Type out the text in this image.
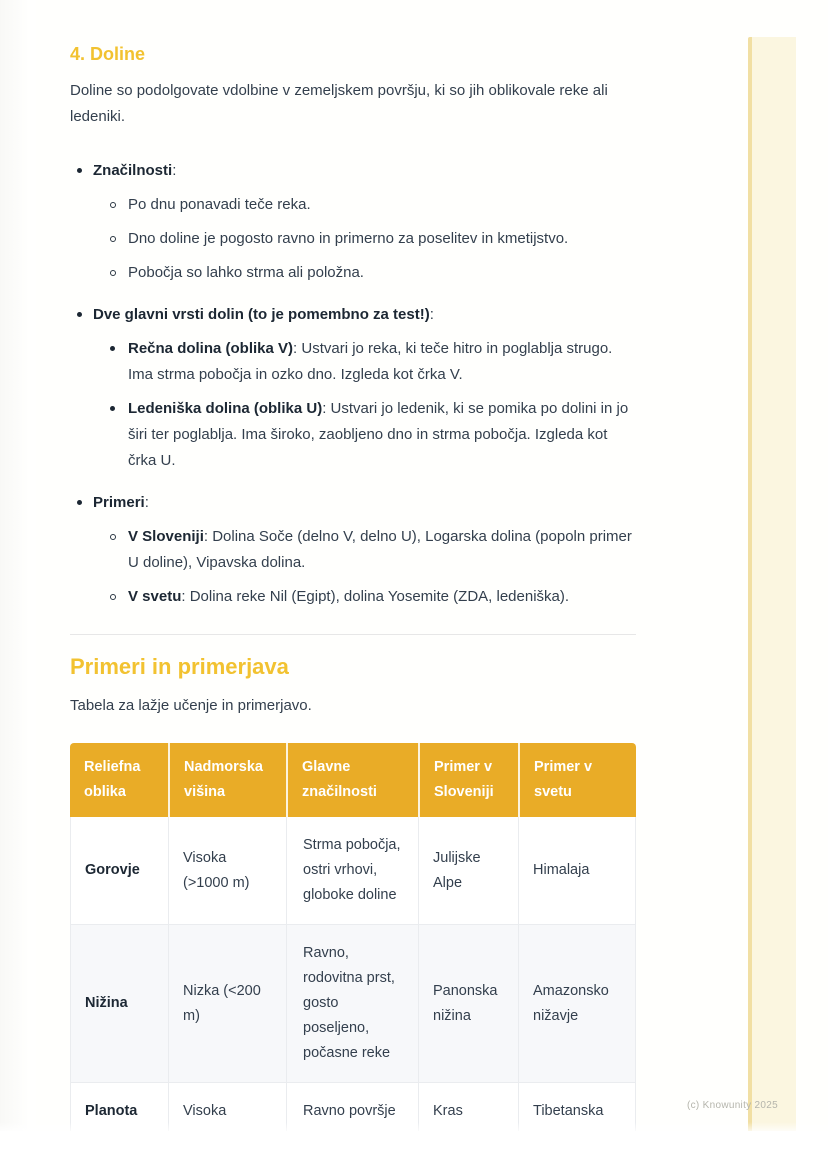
4. Doline

Doline so podolgovate vdolbine v zemeljskem površju, ki so jih oblikovale reke ali ledeniki.

Značilnosti:
Po dnu ponavadi teče reka.
Dno doline je pogosto ravno in primerno za poselitev in kmetijstvo.
Pobočja so lahko strma ali položna.
Dve glavni vrsti dolin (to je pomembno za test!):
Rečna dolina (oblika V): Ustvari jo reka, ki teče hitro in poglablja strugo. Ima strma pobočja in ozko dno. Izgleda kot črka V.
Ledeniška dolina (oblika U): Ustvari jo ledenik, ki se pomika po dolini in jo širi ter poglablja. Ima široko, zaobljeno dno in strma pobočja. Izgleda kot črka U.
Primeri:
V Sloveniji: Dolina Soče (delno V, delno U), Logarska dolina (popoln primer U doline), Vipavska dolina.
V svetu: Dolina reke Nil (Egipt), dolina Yosemite (ZDA, ledeniška).
Primeri in primerjava

Tabela za lažje učenje in primerjavo.

Reliefna oblika	Nadmorska višina	Glavne značilnosti	Primer v Sloveniji	Primer v svetu
Gorovje	Visoka (>1000 m)	Strma pobočja, ostri vrhovi, globoke doline	Julijske Alpe	Himalaja
Nižina	Nizka (<200 m)	Ravno, rodovitna prst, gosto poseljeno, počasne reke	Panonska nižina	Amazonsko nižavje
Planota	Visoka	Ravno površje	Kras	Tibetanska	(c) Knowunity 2025
